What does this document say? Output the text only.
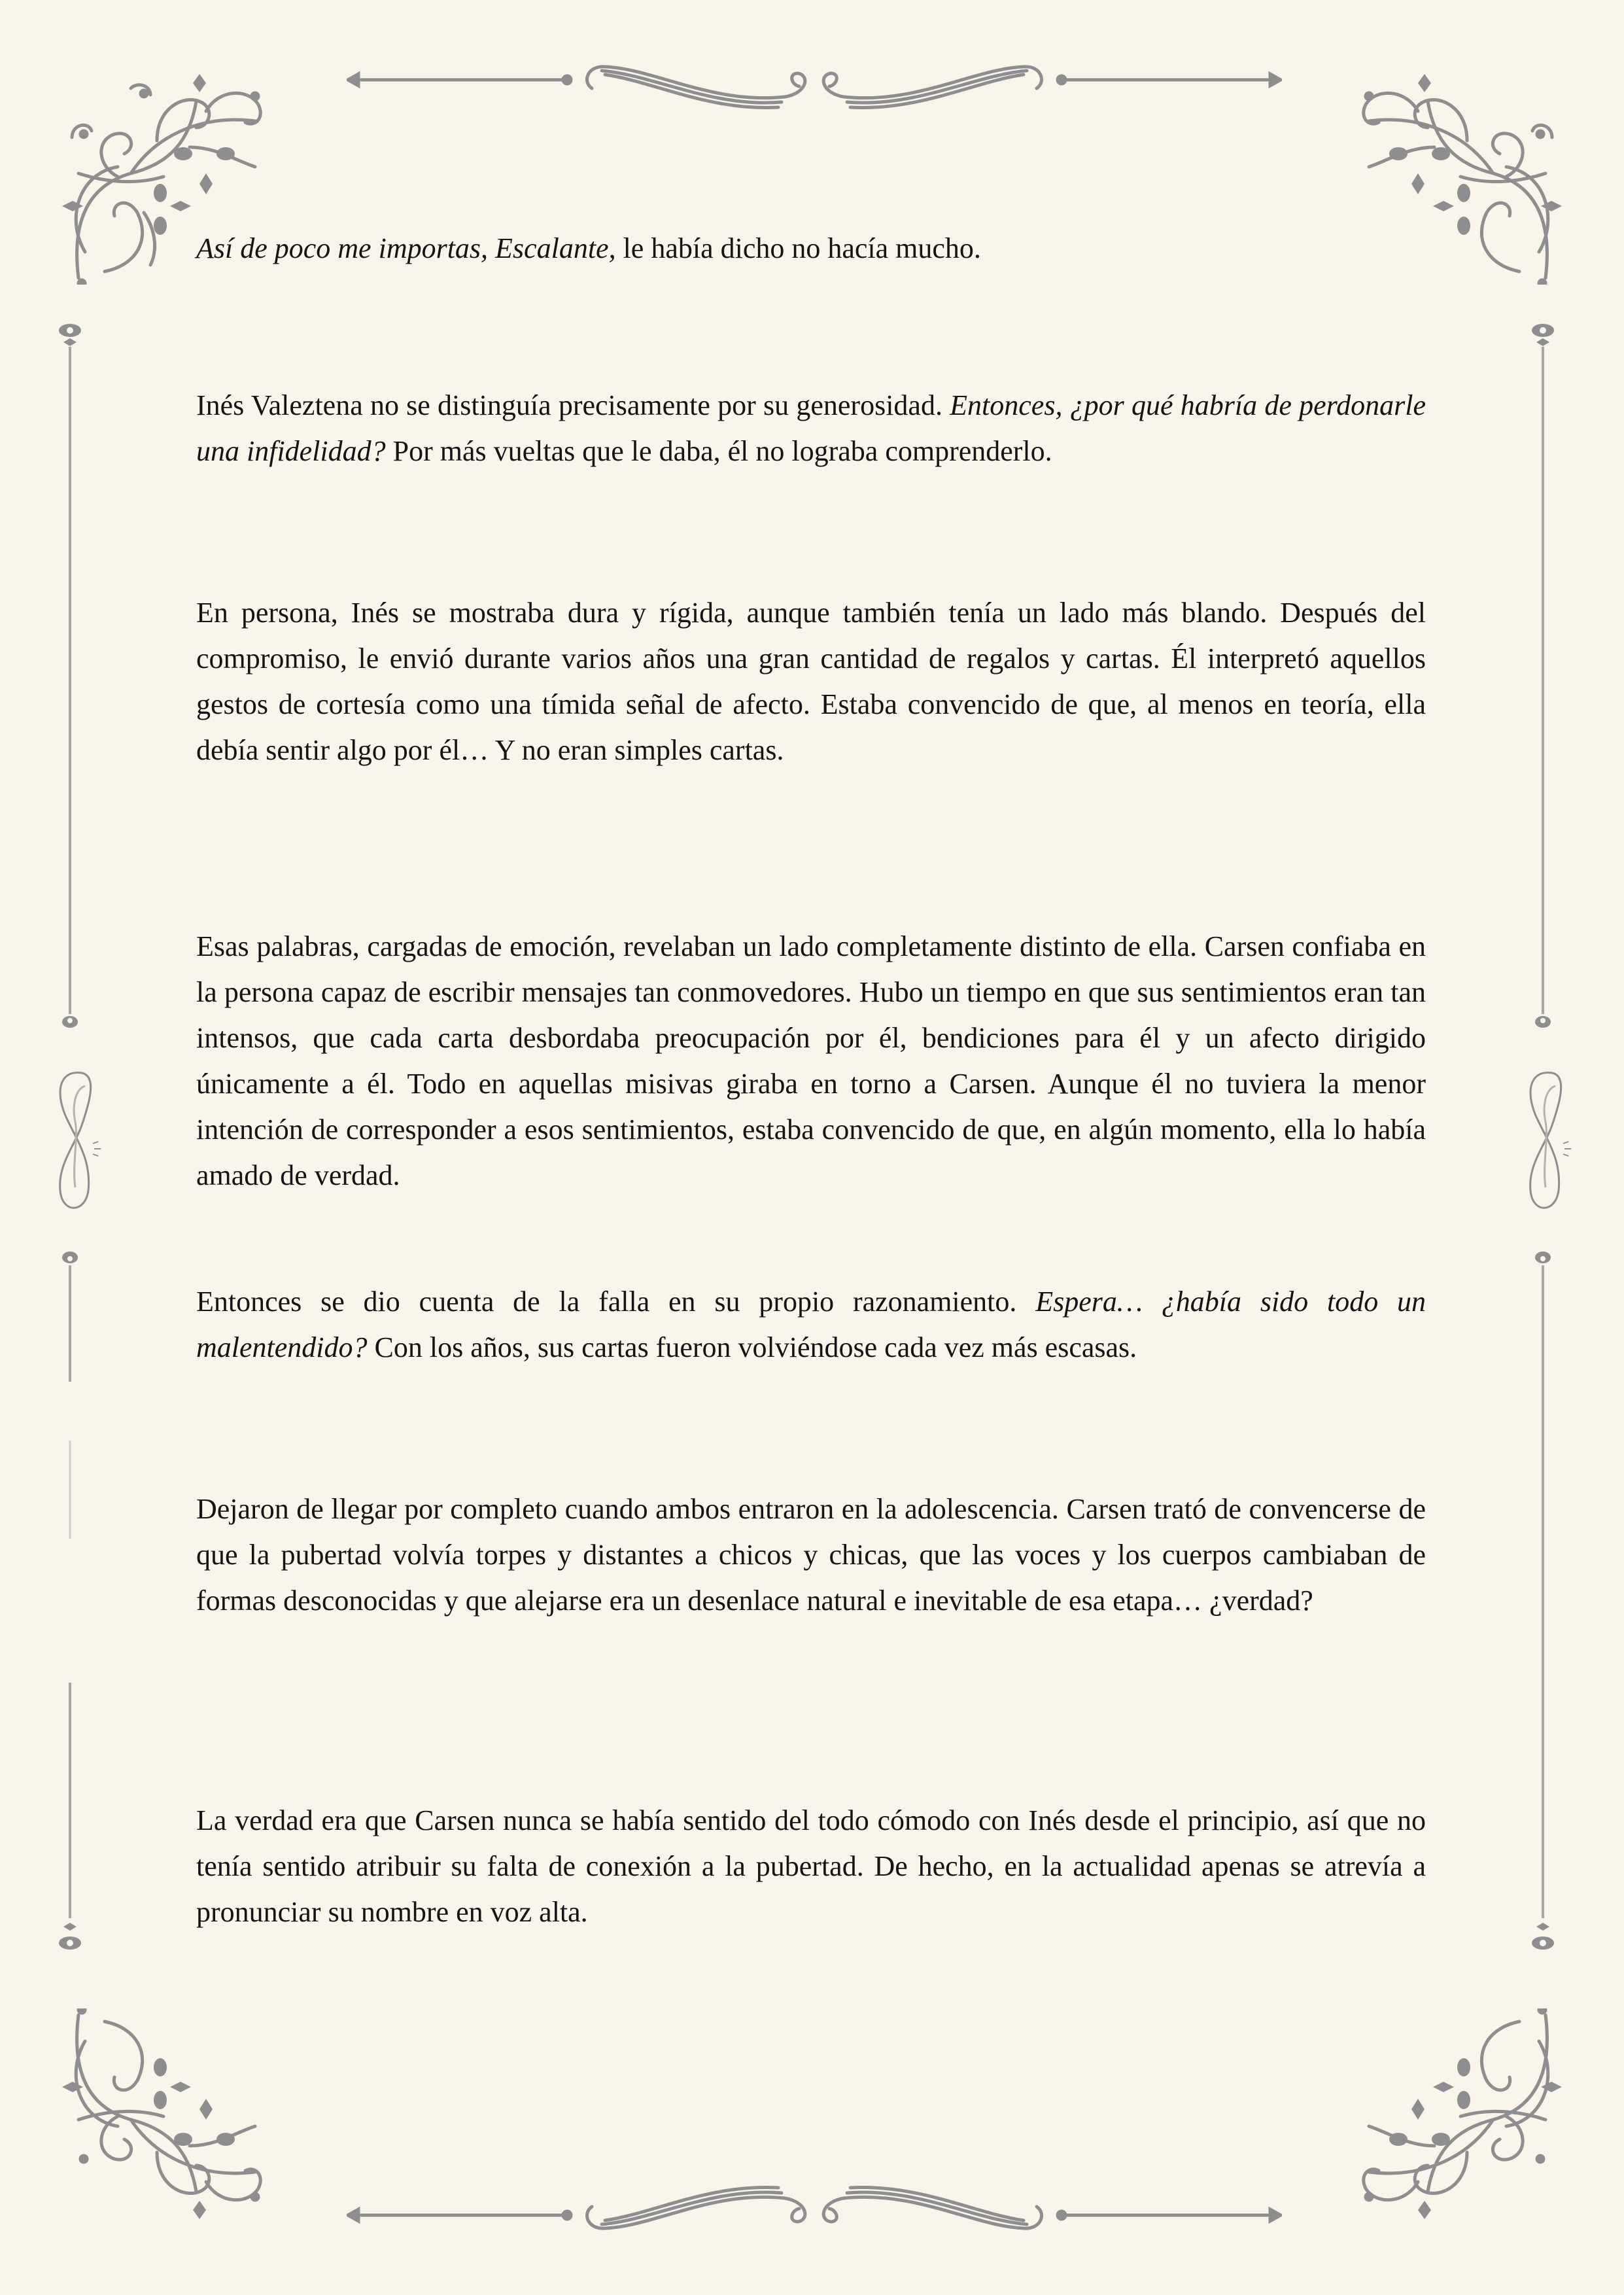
Así de poco me importas, Escalante, le había dicho no hacía mucho.

Inés Valeztena no se distinguía precisamente por su generosidad. Entonces, ¿por qué habría de perdonarle una infidelidad? Por más vueltas que le daba, él no lograba comprenderlo.

En persona, Inés se mostraba dura y rígida, aunque también tenía un lado más blando. Después del compromiso, le envió durante varios años una gran cantidad de regalos y cartas. Él interpretó aquellos gestos de cortesía como una tímida señal de afecto. Estaba convencido de que, al menos en teoría, ella debía sentir algo por él… Y no eran simples cartas.

Esas palabras, cargadas de emoción, revelaban un lado completamente distinto de ella. Carsen confiaba en la persona capaz de escribir mensajes tan conmovedores. Hubo un tiempo en que sus sentimientos eran tan intensos, que cada carta desbordaba preocupación por él, bendiciones para él y un afecto dirigido únicamente a él. Todo en aquellas misivas giraba en torno a Carsen. Aunque él no tuviera la menor intención de corresponder a esos sentimientos, estaba convencido de que, en algún momento, ella lo había amado de verdad.

Entonces se dio cuenta de la falla en su propio razonamiento. Espera… ¿había sido todo un malentendido? Con los años, sus cartas fueron volviéndose cada vez más escasas.

Dejaron de llegar por completo cuando ambos entraron en la adolescencia. Carsen trató de convencerse de que la pubertad volvía torpes y distantes a chicos y chicas, que las voces y los cuerpos cambiaban de formas desconocidas y que alejarse era un desenlace natural e inevitable de esa etapa… ¿verdad?

La verdad era que Carsen nunca se había sentido del todo cómodo con Inés desde el principio, así que no tenía sentido atribuir su falta de conexión a la pubertad. De hecho, en la actualidad apenas se atrevía a pronunciar su nombre en voz alta.
